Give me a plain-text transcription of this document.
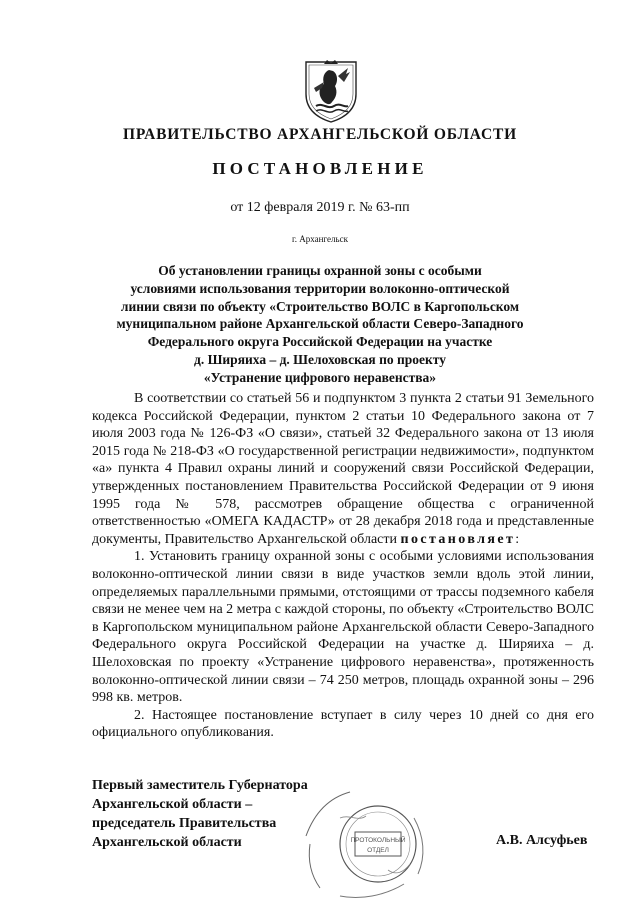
ПРАВИТЕЛЬСТВО АРХАНГЕЛЬСКОЙ ОБЛАСТИ
ПОСТАНОВЛЕНИЕ
от 12 февраля 2019 г. № 63-пп
г. Архангельск
Об установлении границы охранной зоны с особыми
условиями использования территории волоконно-оптической
линии связи по объекту «Строительство ВОЛС в Каргопольском
муниципальном районе Архангельской области Северо-Западного
Федерального округа Российской Федерации на участке
д. Ширяиха – д. Шелоховская по проекту
«Устранение цифрового неравенства»

В соответствии со статьей 56 и подпунктом 3 пункта 2 статьи 91 Земельного кодекса Российской Федерации, пунктом 2 статьи 10 Федерального закона от 7 июля 2003 года № 126-ФЗ «О связи», статьей 32 Федерального закона от 13 июля 2015 года № 218-ФЗ «О государственной регистрации недвижимости», подпунктом «а» пункта 4 Правил охраны линий и сооружений связи Российской Федерации, утвержденных постановлением Правительства Российской Федерации от 9 июня 1995 года № 578, рассмотрев обращение общества с ограниченной ответственностью «ОМЕГА КАДАСТР» от 28 декабря 2018 года и представленные документы, Правительство Архангельской области постановляет:

1. Установить границу охранной зоны с особыми условиями использования волоконно-оптической линии связи в виде участков земли вдоль этой линии, определяемых параллельными прямыми, отстоящими от трассы подземного кабеля связи не менее чем на 2 метра с каждой стороны, по объекту «Строительство ВОЛС в Каргопольском муниципальном районе Архангельской области Северо-Западного Федерального округа Российской Федерации на участке д. Ширяиха – д. Шелоховская по проекту «Устранение цифрового неравенства», протяженность волоконно-оптической линии связи – 74 250 метров, площадь охранной зоны – 296 998 кв. метров.

2. Настоящее постановление вступает в силу через 10 дней со дня его официального опубликования.

ПРОТОКОЛЬНЫЙ
ОТДЕЛ
Первый заместитель Губернатора
Архангельской области –
председатель Правительства
Архангельской области	А.В. Алсуфьев
